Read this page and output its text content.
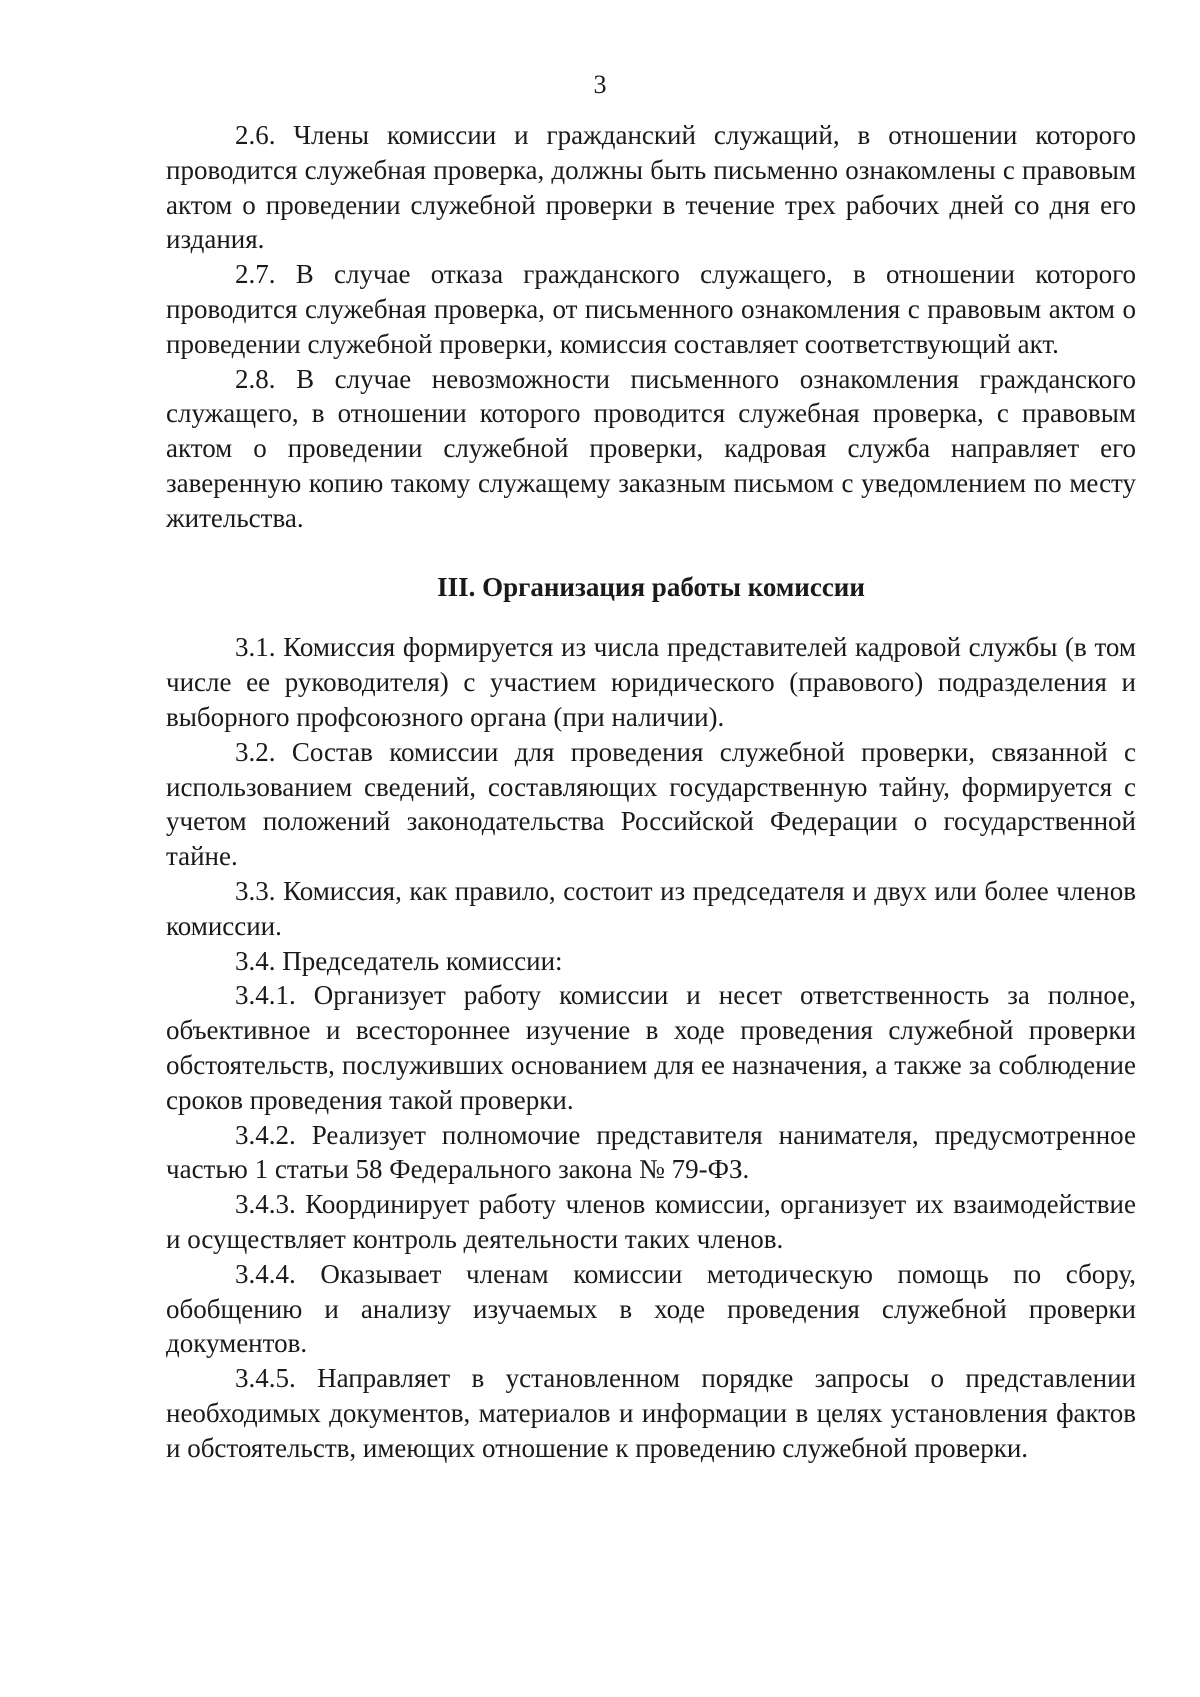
3

2.6. Члены комиссии и гражданский служащий, в отношении которого проводится служебная проверка, должны быть письменно ознакомлены с правовым актом о проведении служебной проверки в течение трех рабочих дней со дня его издания.

2.7. В случае отказа гражданского служащего, в отношении которого проводится служебная проверка, от письменного ознакомления с правовым актом о проведении служебной проверки, комиссия составляет соответствующий акт.

2.8. В случае невозможности письменного ознакомления гражданского служащего, в отношении которого проводится служебная проверка, с правовым актом о проведении служебной проверки, кадровая служба направляет его заверенную копию такому служащему заказным письмом с уведомлением по месту жительства.

III. Организация работы комиссии

3.1. Комиссия формируется из числа представителей кадровой службы (в том числе ее руководителя) с участием юридического (правового) подразделения и выборного профсоюзного органа (при наличии).

3.2. Состав комиссии для проведения служебной проверки, связанной с использованием сведений, составляющих государственную тайну, формируется с учетом положений законодательства Российской Федерации о государственной тайне.

3.3. Комиссия, как правило, состоит из председателя и двух или более членов комиссии.

3.4. Председатель комиссии:

3.4.1. Организует работу комиссии и несет ответственность за полное, объективное и всестороннее изучение в ходе проведения служебной проверки обстоятельств, послуживших основанием для ее назначения, а также за соблюдение сроков проведения такой проверки.

3.4.2. Реализует полномочие представителя нанимателя, предусмотренное частью 1 статьи 58 Федерального закона № 79-ФЗ.

3.4.3. Координирует работу членов комиссии, организует их взаимодействие и осуществляет контроль деятельности таких членов.

3.4.4. Оказывает членам комиссии методическую помощь по сбору, обобщению и анализу изучаемых в ходе проведения служебной проверки документов.

3.4.5. Направляет в установленном порядке запросы о представлении необходимых документов, материалов и информации в целях установления фактов и обстоятельств, имеющих отношение к проведению служебной проверки.
